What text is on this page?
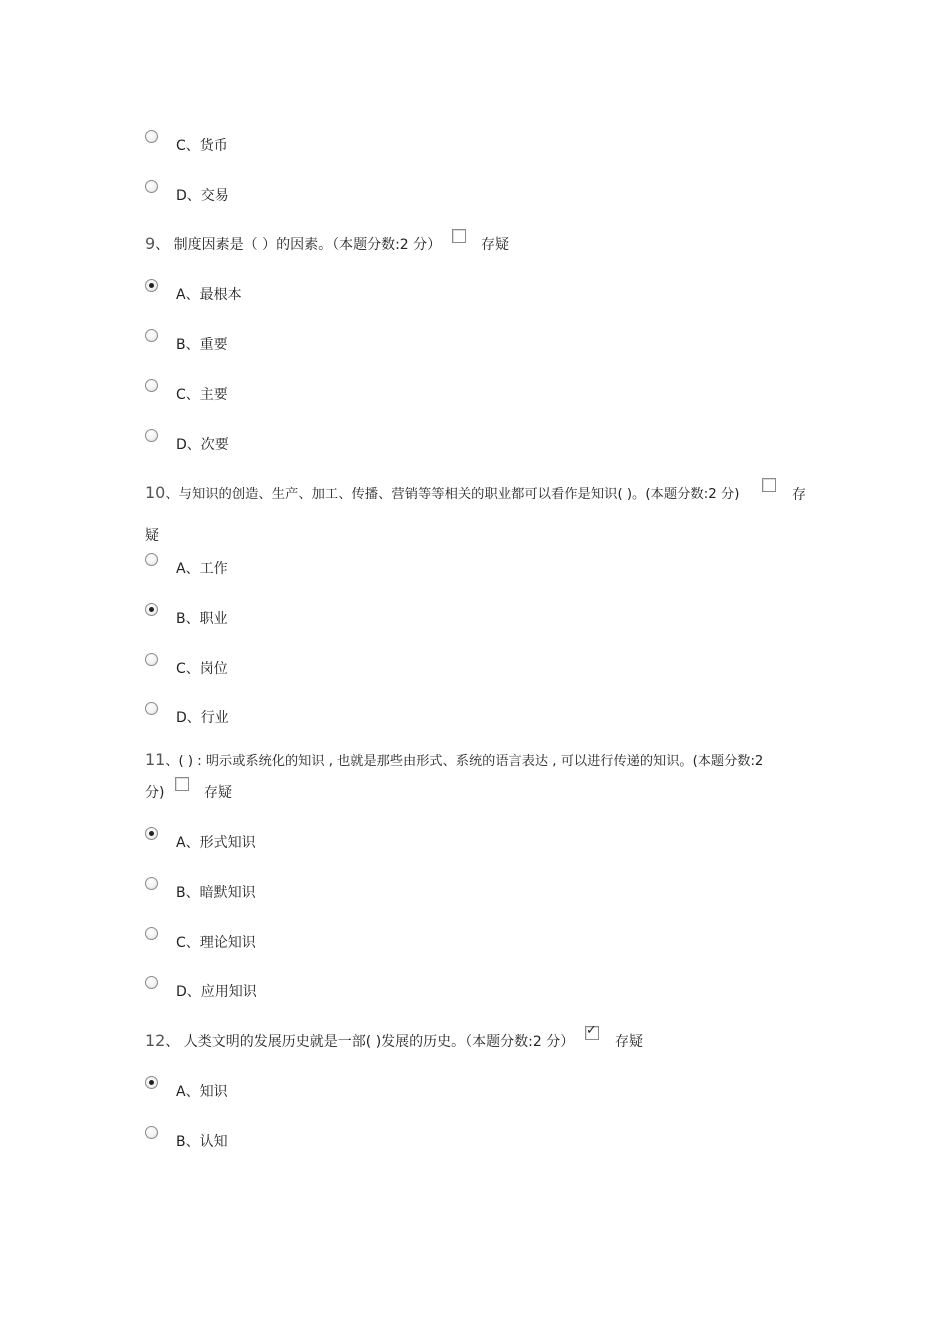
C、货币
D、交易
9、 制度因素是（ ）的因素。（本题分数:2 分）	存疑
A、最根本
B、重要
C、主要
D、次要
10、与知识的创造、生产、加工、传播、营销等等相关的职业都可以看作是知识( )。(本题分数:2 分)	存
疑
A、工作
B、职业
C、岗位
D、行业
11、( ) : 明示或系统化的知识 , 也就是那些由形式、系统的语言表达 , 可以进行传递的知识。(本题分数:2
分)	存疑
A、形式知识
B、暗默知识
C、理论知识
D、应用知识
12、 人类文明的发展历史就是一部( )发展的历史。（本题分数:2 分）
✓	存疑
A、知识
B、认知
